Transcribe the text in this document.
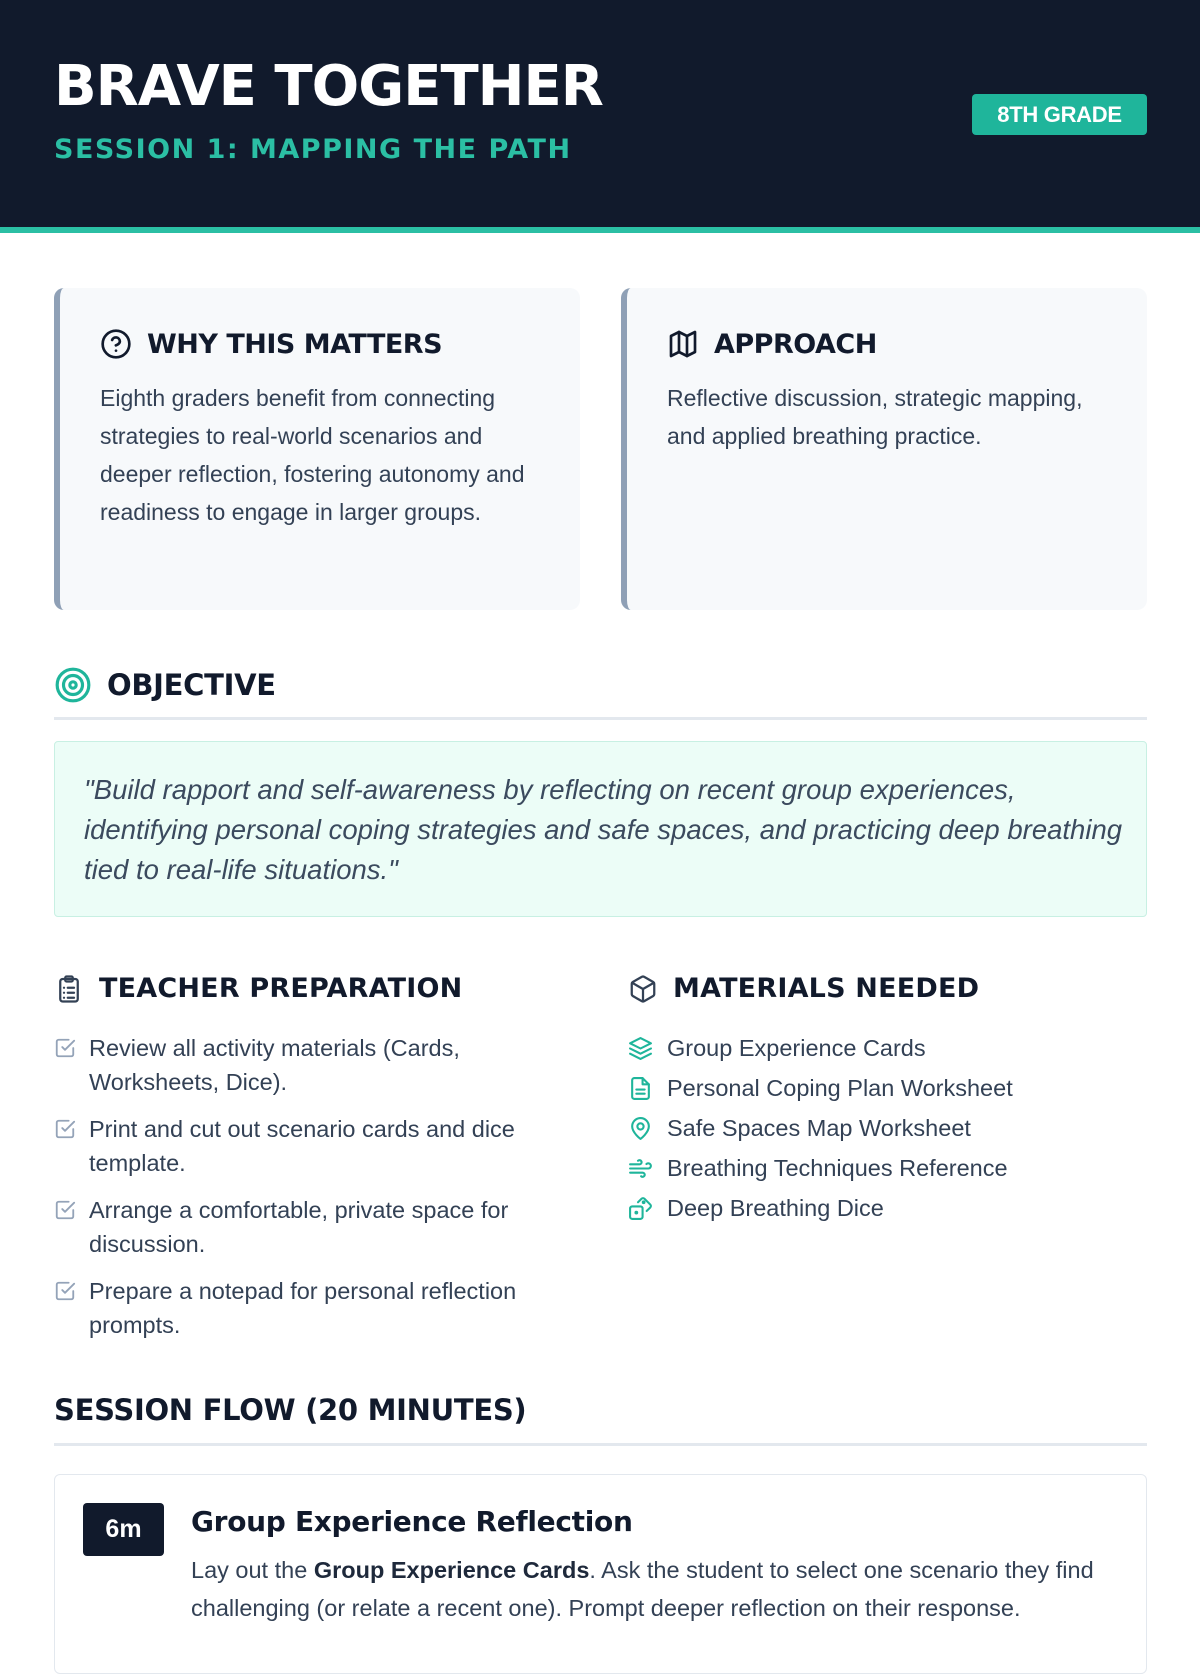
BRAVE TOGETHER
SESSION 1: MAPPING THE PATH
8TH GRADE
WHY THIS MATTERS
Eighth graders benefit from connecting strategies to real-world scenarios and deeper reflection, fostering autonomy and readiness to engage in larger groups.
APPROACH
Reflective discussion, strategic mapping, and applied breathing practice.
OBJECTIVE
"Build rapport and self-awareness by reflecting on recent group experiences, identifying personal coping strategies and safe spaces, and practicing deep breathing tied to real-life situations."
TEACHER PREPARATION
Review all activity materials (Cards, Worksheets, Dice).
Print and cut out scenario cards and dice template.
Arrange a comfortable, private space for discussion.
Prepare a notepad for personal reflection prompts.
MATERIALS NEEDED
Group Experience Cards
Personal Coping Plan Worksheet
Safe Spaces Map Worksheet
Breathing Techniques Reference
Deep Breathing Dice
SESSION FLOW (20 MINUTES)
6m	Group Experience Reflection
Lay out the Group Experience Cards. Ask the student to select one scenario they find challenging (or relate a recent one). Prompt deeper reflection on their response.
